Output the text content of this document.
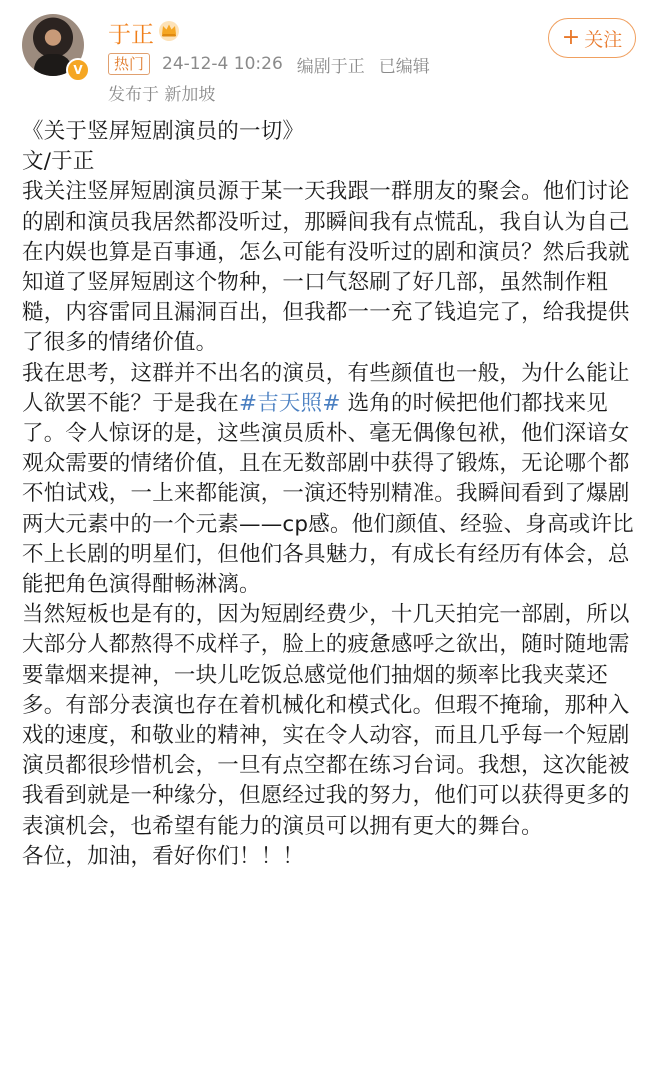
V
于正
热门	24-12-4 10:26 编剧于正 已编辑
发布于 新加坡
+ 关注

《关于竖屏短剧演员的一切》

文/于正

我关注竖屏短剧演员源于某一天我跟一群朋友的聚会。他们讨论的剧和演员我居然都没听过，那瞬间我有点慌乱，我自认为自己在内娱也算是百事通，怎么可能有没听过的剧和演员？然后我就知道了竖屏短剧这个物种，一口气怒刷了好几部，虽然制作粗糙，内容雷同且漏洞百出，但我都一一充了钱追完了，给我提供了很多的情绪价值。

我在思考，这群并不出名的演员，有些颜值也一般，为什么能让人欲罢不能？于是我在#吉天照# 选角的时候把他们都找来见了。令人惊讶的是，这些演员质朴、毫无偶像包袱，他们深谙女观众需要的情绪价值，且在无数部剧中获得了锻炼，无论哪个都不怕试戏，一上来都能演，一演还特别精准。我瞬间看到了爆剧两大元素中的一个元素——cp感。他们颜值、经验、身高或许比不上长剧的明星们，但他们各具魅力，有成长有经历有体会，总能把角色演得酣畅淋漓。

当然短板也是有的，因为短剧经费少，十几天拍完一部剧，所以大部分人都熬得不成样子，脸上的疲惫感呼之欲出，随时随地需要靠烟来提神，一块儿吃饭总感觉他们抽烟的频率比我夹菜还多。有部分表演也存在着机械化和模式化。但瑕不掩瑜，那种入戏的速度，和敬业的精神，实在令人动容，而且几乎每一个短剧演员都很珍惜机会，一旦有点空都在练习台词。我想，这次能被我看到就是一种缘分，但愿经过我的努力，他们可以获得更多的表演机会，也希望有能力的演员可以拥有更大的舞台。

各位，加油，看好你们！！！
